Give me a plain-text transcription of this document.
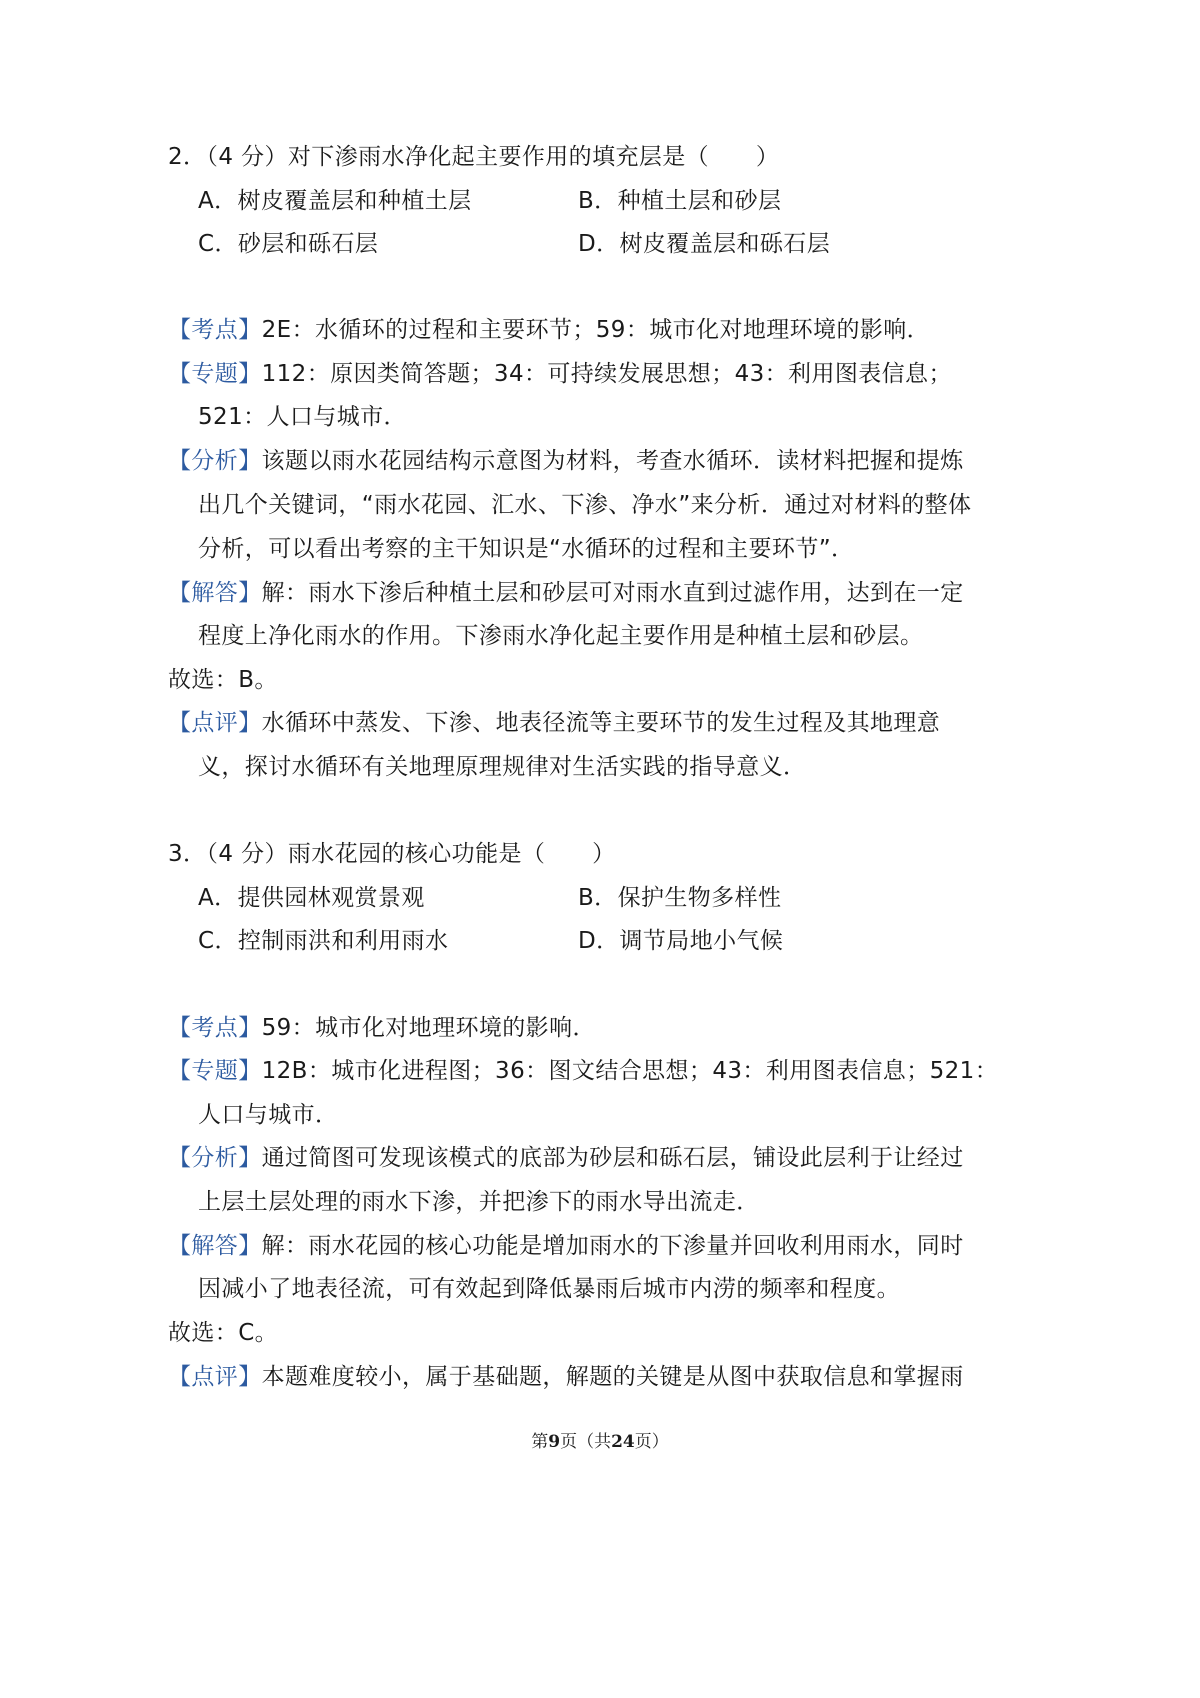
2．（4 分）对下渗雨水净化起主要作用的填充层是（　　）
A．树皮覆盖层和种植土层	B．种植土层和砂层
C．砂层和砾石层	D．树皮覆盖层和砾石层
【考点】2E：水循环的过程和主要环节；59：城市化对地理环境的影响．
【专题】112：原因类简答题；34：可持续发展思想；43：利用图表信息；
521：人口与城市．
【分析】该题以雨水花园结构示意图为材料，考查水循环．读材料把握和提炼
出几个关键词，“雨水花园、汇水、下渗、净水”来分析．通过对材料的整体
分析，可以看出考察的主干知识是“水循环的过程和主要环节”．
【解答】解：雨水下渗后种植土层和砂层可对雨水直到过滤作用，达到在一定
程度上净化雨水的作用。下渗雨水净化起主要作用是种植土层和砂层。
故选：B。
【点评】水循环中蒸发、下渗、地表径流等主要环节的发生过程及其地理意
义，探讨水循环有关地理原理规律对生活实践的指导意义．
3．（4 分）雨水花园的核心功能是（　　）
A．提供园林观赏景观	B．保护生物多样性
C．控制雨洪和利用雨水	D．调节局地小气候
【考点】59：城市化对地理环境的影响．
【专题】12B：城市化进程图；36：图文结合思想；43：利用图表信息；521：
人口与城市．
【分析】通过简图可发现该模式的底部为砂层和砾石层，铺设此层利于让经过
上层土层处理的雨水下渗，并把渗下的雨水导出流走．
【解答】解：雨水花园的核心功能是增加雨水的下渗量并回收利用雨水，同时
因减小了地表径流，可有效起到降低暴雨后城市内涝的频率和程度。
故选：C。
【点评】本题难度较小，属于基础题，解题的关键是从图中获取信息和掌握雨
第9页（共24页）
